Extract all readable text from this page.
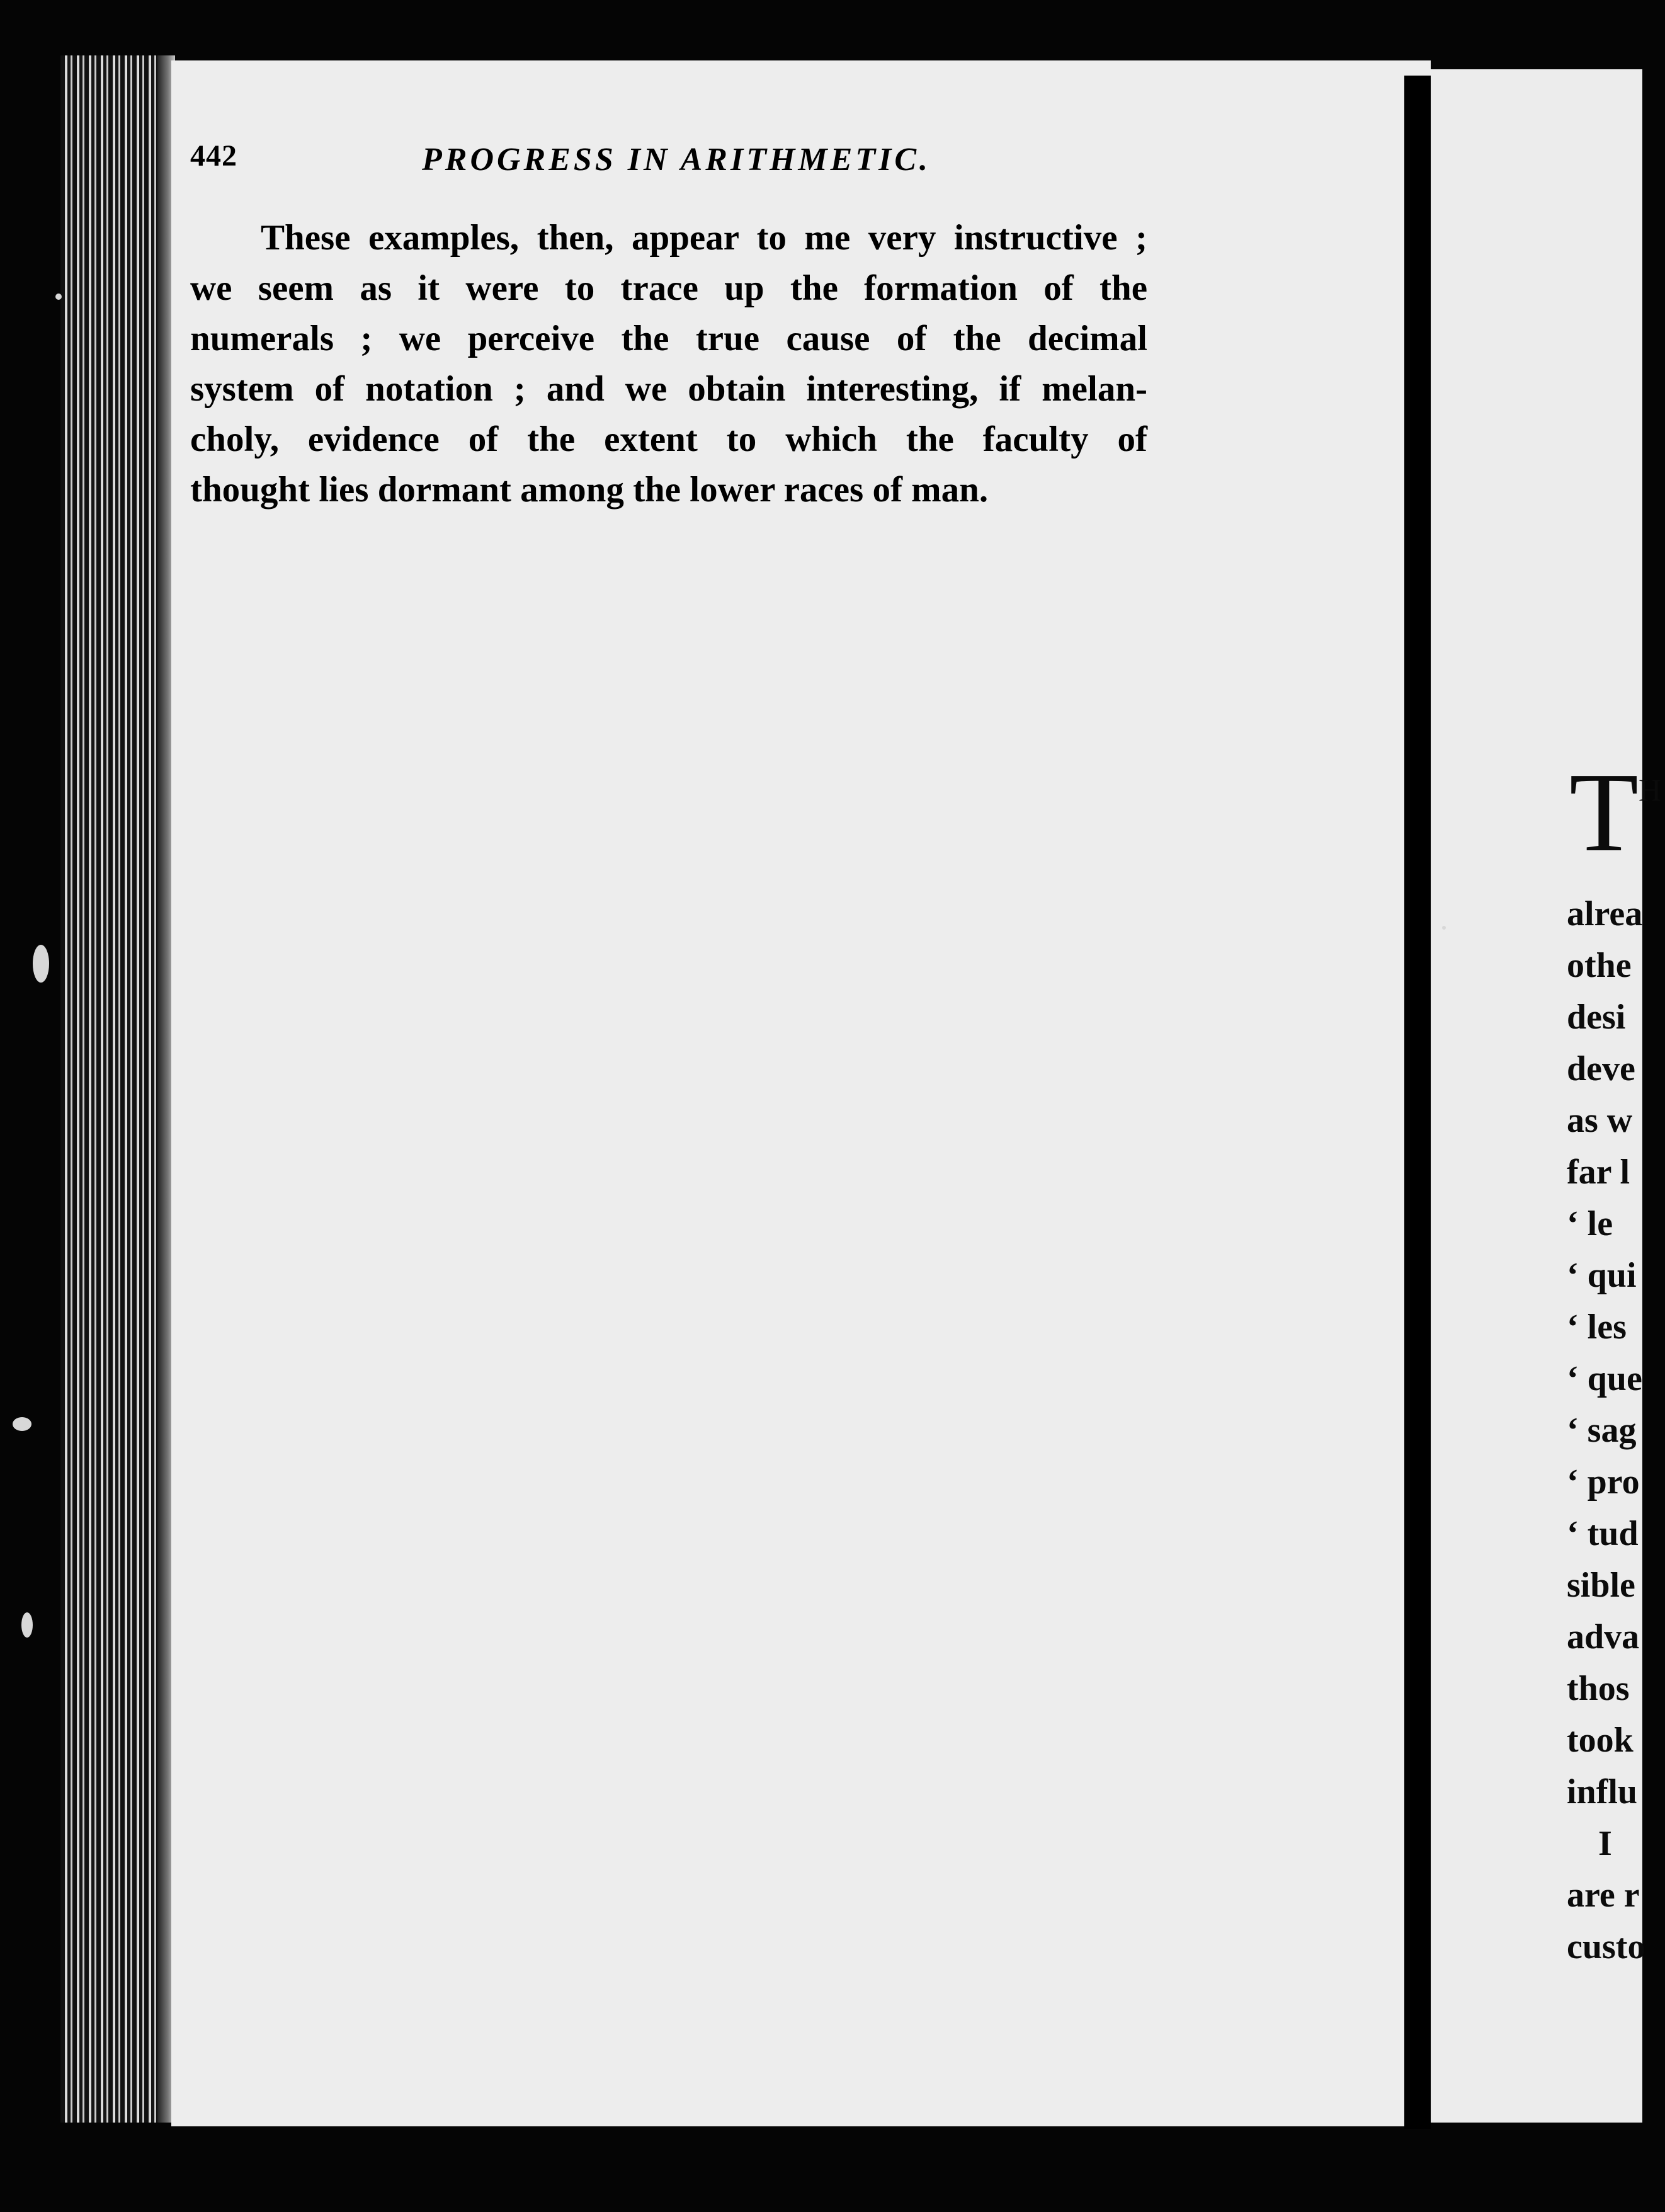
442	PROGRESS IN ARITHMETIC.
These examples, then, appear to me very instructive ;
we seem as it were to trace up the formation of the
numerals ; we perceive the true cause of the decimal
system of notation ; and we obtain interesting, if melan-
choly, evidence of the extent to which the faculty of
thought lies dormant among the lower races of man.
T H
alrea
othe
desi
deve
as w
far l
‘ le
‘ qui
‘ les
‘ que
‘ sag
‘ pro
‘ tud
sible
adva
thos
took
influ
I
are r
custo
